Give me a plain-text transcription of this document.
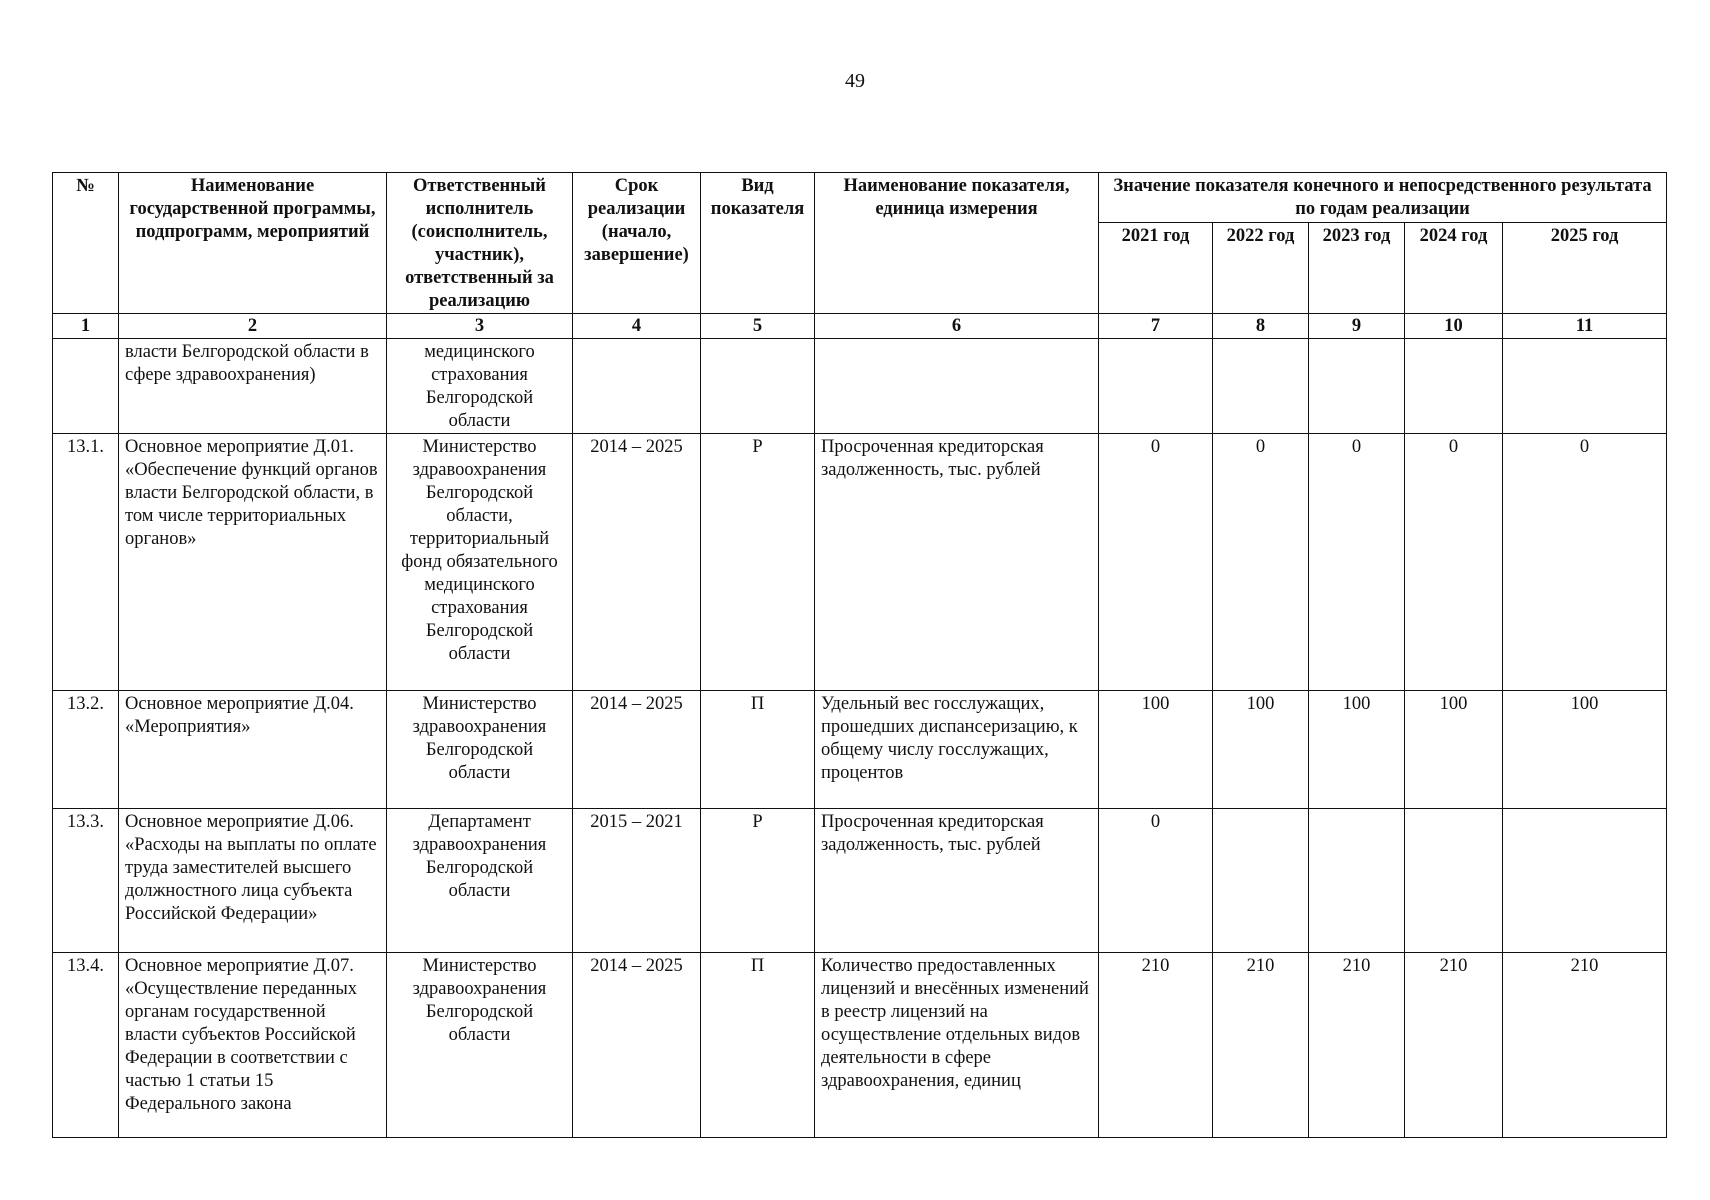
49
№	Наименование государственной программы, подпрограмм, мероприятий	Ответственный исполнитель (соисполнитель, участник), ответственный за реализацию	Срок реализации (начало, завершение)	Вид показателя	Наименование показателя, единица измерения	Значение показателя конечного и непосредственного результата по годам реализации				
						2021 год	2022 год	2023 год	2024 год	2025 год
1	2	3	4	5	6	7	8	9	10	11
	власти Белгородской области в сфере здравоохранения)	медицинского страхования Белгородской области								
13.1.	Основное мероприятие Д.01. «Обеспечение функций органов власти Белгородской области, в том числе территориальных органов»	Министерство здравоохранения Белгородской области, территориальный фонд обязательного медицинского страхования Белгородской области	2014 – 2025	Р	Просроченная кредиторская задолженность, тыс. рублей	0	0	0	0	0
13.2.	Основное мероприятие Д.04. «Мероприятия»	Министерство здравоохранения Белгородской области	2014 – 2025	П	Удельный вес госслужащих, прошедших диспансеризацию, к общему числу госслужащих, процентов	100	100	100	100	100
13.3.	Основное мероприятие Д.06. «Расходы на выплаты по оплате труда заместителей высшего должностного лица субъекта Российской Федерации»	Департамент здравоохранения Белгородской области	2015 – 2021	Р	Просроченная кредиторская задолженность, тыс. рублей	0				
13.4.	Основное мероприятие Д.07. «Осуществление переданных органам государственной власти субъектов Российской Федерации в соответствии с частью 1 статьи 15 Федерального закона	Министерство здравоохранения Белгородской области	2014 – 2025	П	Количество предоставленных лицензий и внесённых изменений в реестр лицензий на осуществление отдельных видов деятельности в сфере здравоохранения, единиц	210	210	210	210	210
